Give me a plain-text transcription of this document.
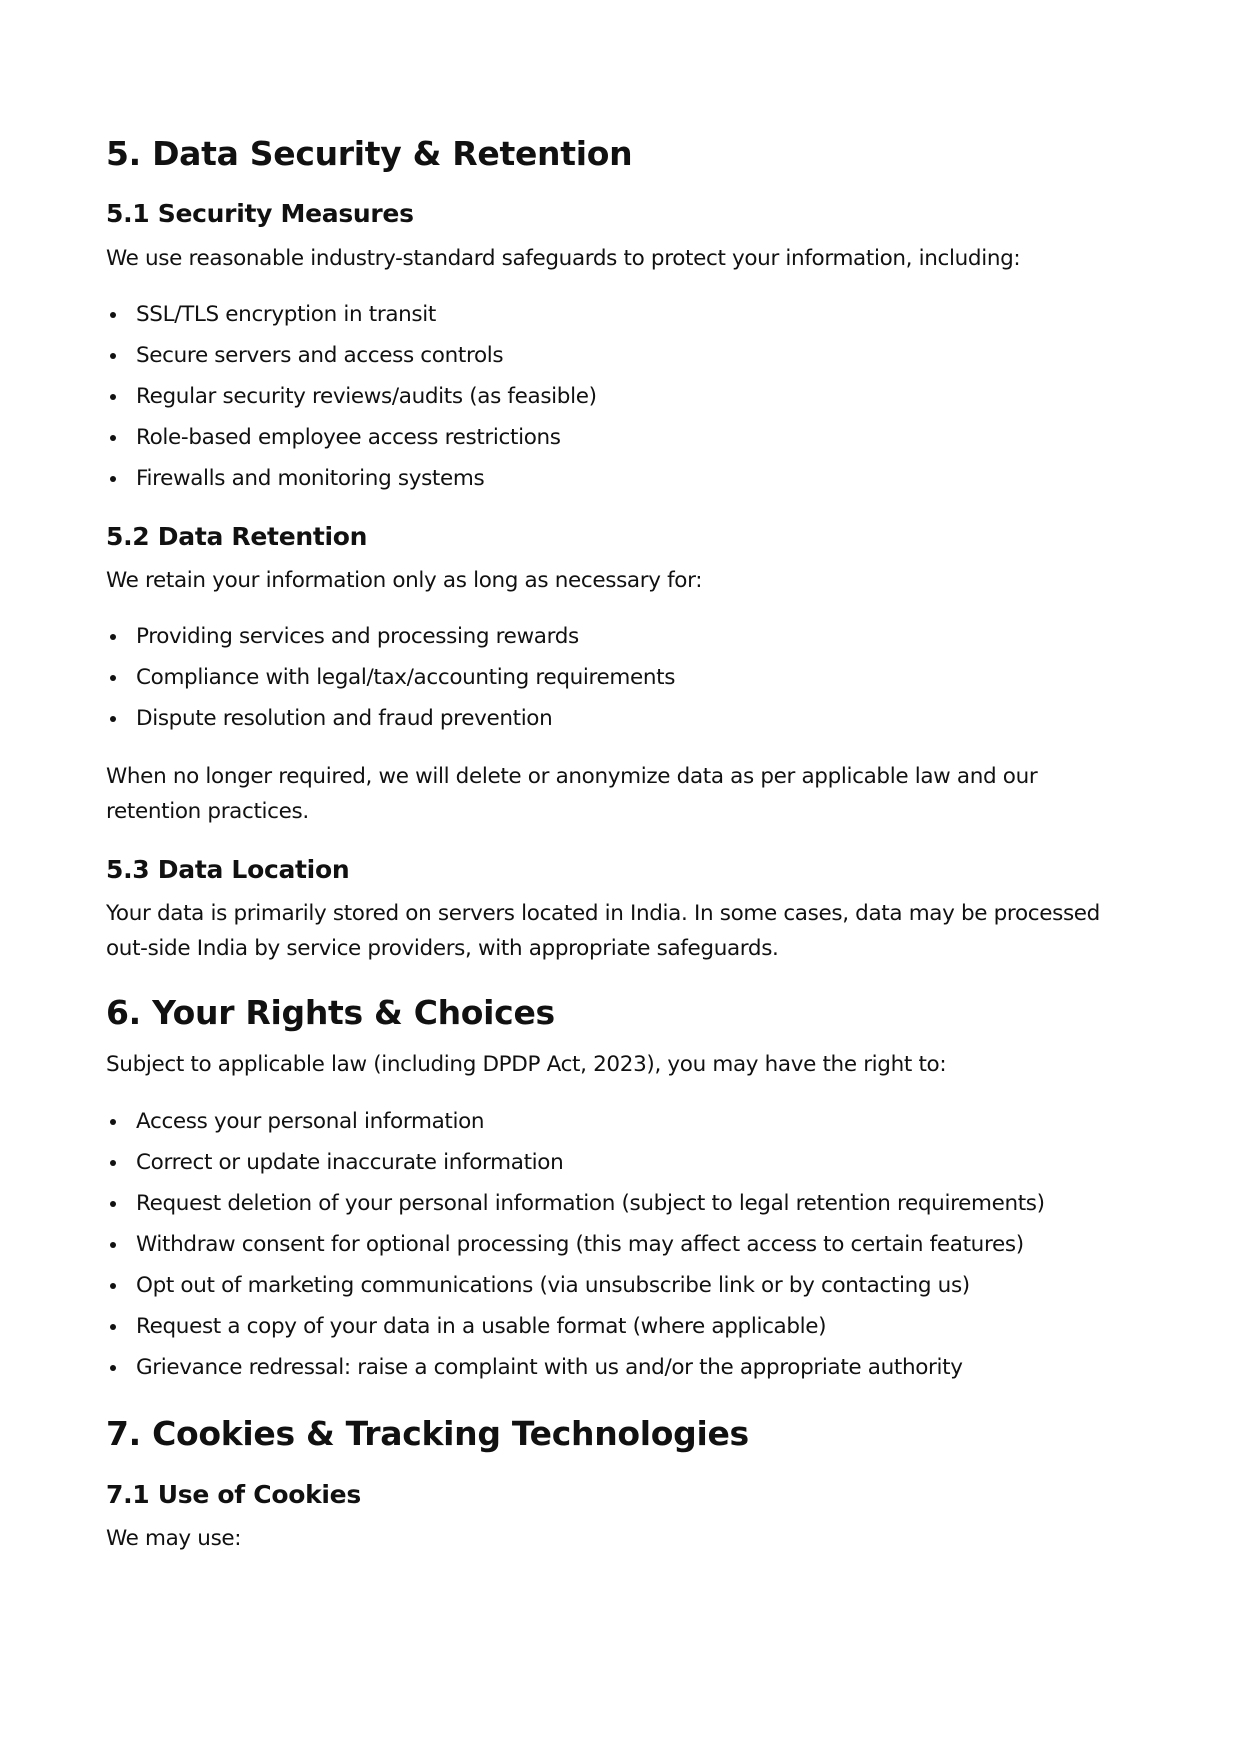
5. Data Security & Retention
5.1 Security Measures

We use reasonable industry-standard safeguards to protect your information, including:

SSL/TLS encryption in transit
Secure servers and access controls
Regular security reviews/audits (as feasible)
Role-based employee access restrictions
Firewalls and monitoring systems
5.2 Data Retention

We retain your information only as long as necessary for:

Providing services and processing rewards
Compliance with legal/tax/accounting requirements
Dispute resolution and fraud prevention

When no longer required, we will delete or anonymize data as per applicable law and our retention practices.

5.3 Data Location

Your data is primarily stored on servers located in India. In some cases, data may be processed out-side India by service providers, with appropriate safeguards.

6. Your Rights & Choices

Subject to applicable law (including DPDP Act, 2023), you may have the right to:

Access your personal information
Correct or update inaccurate information
Request deletion of your personal information (subject to legal retention requirements)
Withdraw consent for optional processing (this may affect access to certain features)
Opt out of marketing communications (via unsubscribe link or by contacting us)
Request a copy of your data in a usable format (where applicable)
Grievance redressal: raise a complaint with us and/or the appropriate authority
7. Cookies & Tracking Technologies
7.1 Use of Cookies

We may use:
